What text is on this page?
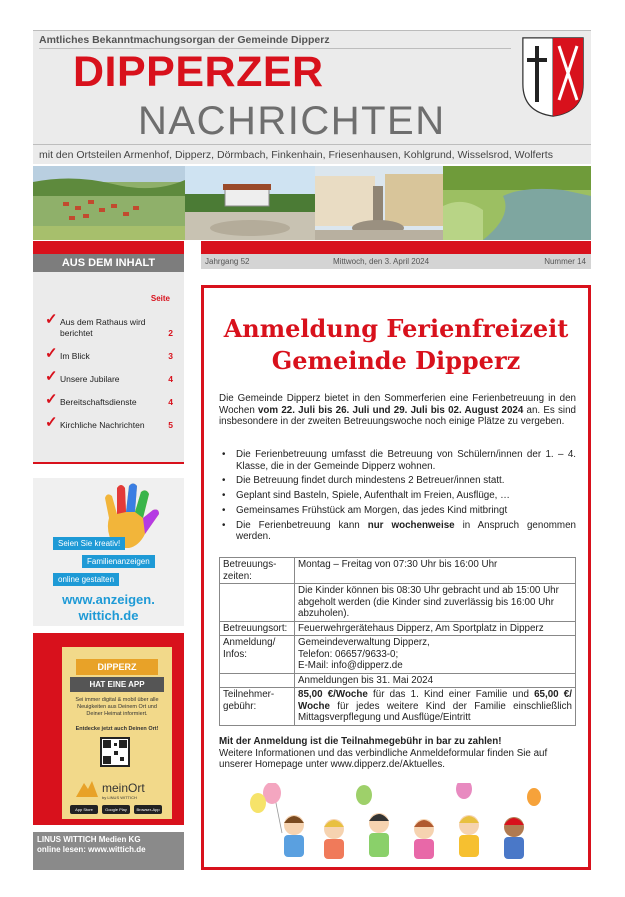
Amtliches Bekanntmachungsorgan der Gemeinde Dipperz
DIPPERZER
NACHRICHTEN
mit den Ortsteilen Armenhof, Dipperz, Dörmbach, Finkenhain, Friesenhausen, Kohlgrund, Wisselsrod, Wolferts
AUS DEM INHALT	Jahrgang 52	Mittwoch, den 3. April 2024	Nummer 14
Seite
✓ Aus dem Rathaus wird berichtet	2
✓ Im Blick	3
✓ Unsere Jubilare	4
✓ Bereitschaftsdienste	4
✓ Kirchliche Nachrichten	5
Seien Sie kreativ!
Familienanzeigen
online gestalten
www.anzeigen.
wittich.de
DIPPERZ
HAT EINE APP
Sei immer digital & mobil über alle Neuigkeiten aus Deinem Ort und Deiner Heimat informiert.
Entdecke jetzt auch Deinen Ort!
meinOrt
by LINUS WITTICH
App Store	Google Play	Browser-App
LINUS WITTICH Medien KG
online lesen: www.wittich.de
Anmeldung Ferienfreizeit
Gemeinde Dipperz

Die Gemeinde Dipperz bietet in den Sommerferien eine Ferienbetreuung in den Wochen vom 22. Juli bis 26. Juli und 29. Juli bis 02. August 2024 an. Es sind insbesondere in der zweiten Betreuungswoche noch einige Plätze zu vergeben.

• Die Ferienbetreuung umfasst die Betreuung von Schülern/innen der 1. – 4. Klasse, die in der Gemeinde Dipperz wohnen.
• Die Betreuung findet durch mindestens 2 Betreuer/innen statt.
• Geplant sind Basteln, Spiele, Aufenthalt im Freien, Ausflüge, …
• Gemeinsames Frühstück am Morgen, das jedes Kind mitbringt
• Die Ferienbetreuung kann nur wochenweise in Anspruch genommen werden.
Betreuungs-zeiten:	Montag – Freitag von 07:30 Uhr bis 16:00 Uhr
	Die Kinder können bis 08:30 Uhr gebracht und ab 15:00 Uhr abgeholt werden (die Kinder sind zuverlässig bis 16:00 Uhr abzuholen).
Betreuungsort:	Feuerwehrgerätehaus Dipperz, Am Sportplatz in Dipperz
Anmeldung/ Infos:	Gemeindeverwaltung Dipperz,
Telefon: 06657/9633-0;
E-Mail: info@dipperz.de

	Anmeldungen bis 31. Mai 2024
Teilnehmer-gebühr:	85,00 €/Woche für das 1. Kind einer Familie und 65,00 €/ Woche für jedes weitere Kind der Familie einschließlich Mittagsverpflegung und Ausflüge/Eintritt
Mit der Anmeldung ist die Teilnahmegebühr in bar zu zahlen!
Weitere Informationen und das verbindliche Anmeldeformular finden Sie auf unserer Homepage unter www.dipperz.de/Aktuelles.
